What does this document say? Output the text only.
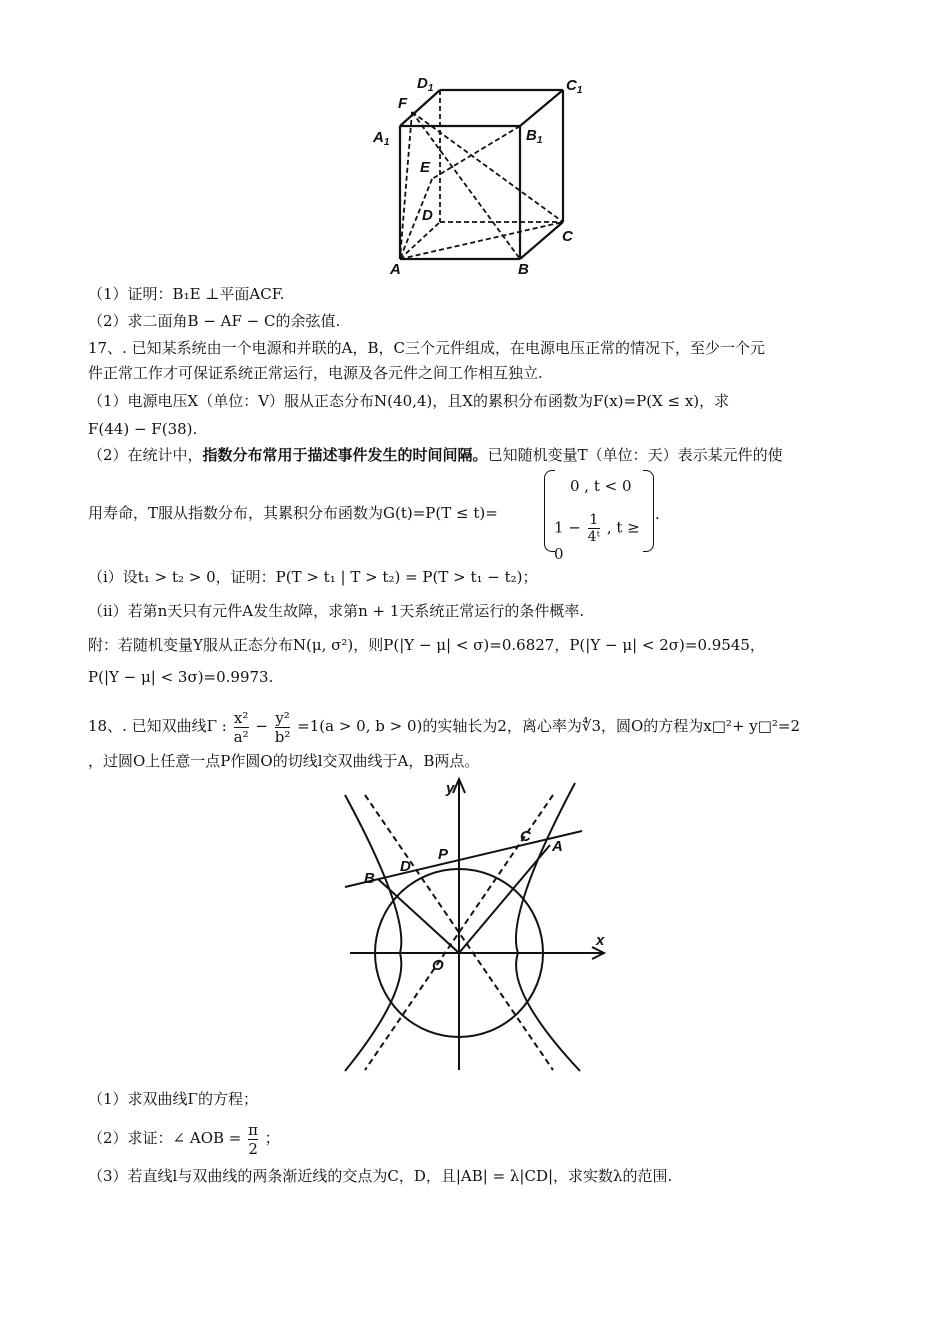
$D_1$	$C_1$
F
$A_1$	$B_1$
E
D
C
A	B
（1）证明：B₁E ⊥平面ACF.
（2）求二面角B − AF − C的余弦值.
17、. 已知某系统由一个电源和并联的A，B，C三个元件组成，在电源电压正常的情况下，至少一个元
件正常工作才可保证系统正常运行，电源及各元件之间工作相互独立.
（1）电源电压X（单位：V）服从正态分布N(40,4)，且X的累积分布函数为F(x)=P(X ≤ x)，求
F(44) − F(38).
（2）在统计中，指数分布常用于描述事件发生的时间间隔。已知随机变量T（单位：天）表示某元件的使
用寿命，T服从指数分布，其累积分布函数为G(t)=P(T ≤ t)=
0 , t < 0
$1 - \frac{1}{\text{4ᵗ}}$ , t ≥ 0
.
（ⅰ）设t₁ > t₂ > 0，证明：P(T > t₁ | T > t₂) = P(T > t₁ − t₂)；
（ⅱ）若第n天只有元件A发生故障，求第n + 1天系统正常运行的条件概率.
附：若随机变量Y服从正态分布N(μ, σ²)，则P(|Y − μ| < σ)=0.6827，P(|Y − μ| < 2σ)=0.9545，
P(|Y − μ| < 3σ)=0.9973.
18、. 已知双曲线Γ : $\frac{\text{x²}}{\text{a²}} - \frac{\text{y²}}{\text{b²}} =1(a > 0$, b > 0)的实轴长为2，离心率为∜3，圆O的方程为x□²+ y□²=2
，过圆O上任意一点P作圆O的切线l交双曲线于A，B两点。
y
x
O
P	A
B
C
D
（1）求双曲线Γ的方程；
（2）求证：∠ AOB = $\frac{\pi}{2}$ ；
（3）若直线l与双曲线的两条渐近线的交点为C，D，且|AB| = λ|CD|，求实数λ的范围.
